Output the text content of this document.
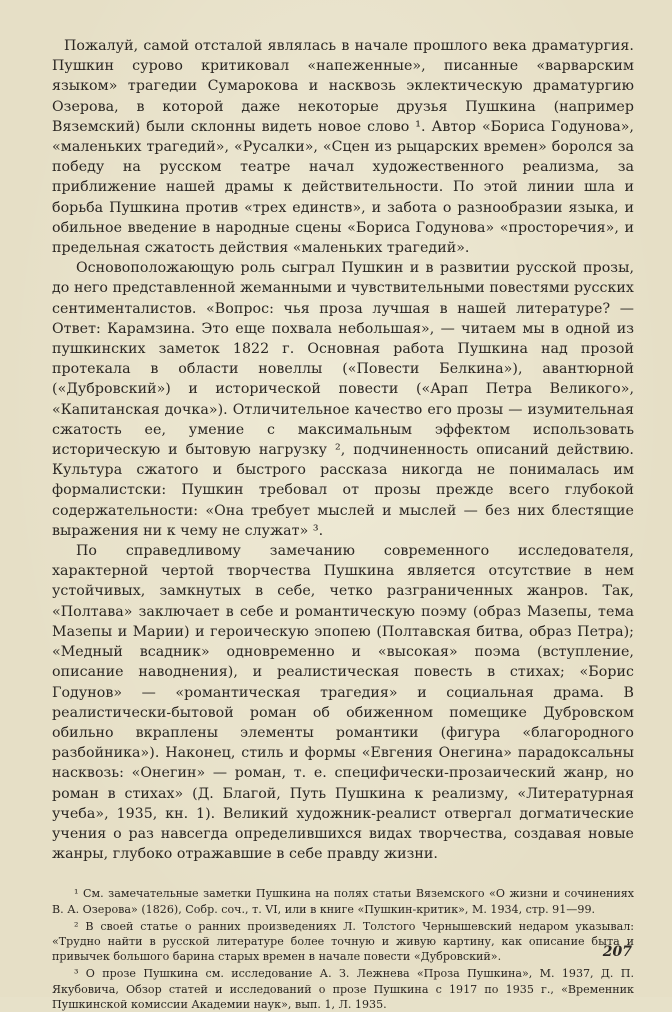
Пожалуй, самой отсталой являлась в начале прошлого века драматургия. Пушкин сурово критиковал «напеженные», писанные «варварским языком» трагедии Сумарокова и насквозь эклектическую драматургию Озерова, в которой даже некоторые друзья Пушкина (например Вяземский) были склонны видеть новое слово ¹. Автор «Бориса Годунова», «маленьких трагедий», «Русалки», «Сцен из рыцарских времен» боролся за победу на русском театре начал художественного реализма, за приближение нашей драмы к действительности. По этой линии шла и борьба Пушкина против «трех единств», и забота о разнообразии языка, и обильное введение в народные сцены «Бориса Годунова» «просторечия», и предельная сжатость действия «маленьких трагедий».

Основоположающую роль сыграл Пушкин и в развитии русской прозы, до него представленной жеманными и чувствительными повестями русских сентименталистов. «Вопрос: чья проза лучшая в нашей литературе? — Ответ: Карамзина. Это еще похвала небольшая», — читаем мы в одной из пушкинских заметок 1822 г. Основная работа Пушкина над прозой протекала в области новеллы («Повести Белкина»), авантюрной («Дубровский») и исторической повести («Арап Петра Великого», «Капитанская дочка»). Отличительное качество его прозы — изумительная сжатость ее, умение с максимальным эффектом использовать историческую и бытовую нагрузку ², подчиненность описаний действию. Культура сжатого и быстрого рассказа никогда не понималась им формалистски: Пушкин требовал от прозы прежде всего глубокой содержательности: «Она требует мыслей и мыслей — без них блестящие выражения ни к чему не служат» ³.

По справедливому замечанию современного исследователя, характерной чертой творчества Пушкина является отсутствие в нем устойчивых, замкнутых в себе, четко разграниченных жанров. Так, «Полтава» заключает в себе и романтическую поэму (образ Мазепы, тема Мазепы и Марии) и героическую эпопею (Полтавская битва, образ Петра); «Медный всадник» одновременно и «высокая» поэма (вступление, описание наводнения), и реалистическая повесть в стихах; «Борис Годунов» — «романтическая трагедия» и социальная драма. В реалистически-бытовой роман об обиженном помещике Дубровском обильно вкраплены элементы романтики (фигура «благородного разбойника»). Наконец, стиль и формы «Евгения Онегина» парадоксальны насквозь: «Онегин» — роман, т. е. специфически-прозаический жанр, но роман в стихах» (Д. Благой, Путь Пушкина к реализму, «Литературная учеба», 1935, кн. 1). Великий художник-реалист отвергал догматические учения о раз навсегда определившихся видах творчества, создавая новые жанры, глубоко отражавшие в себе правду жизни.

¹ См. замечательные заметки Пушкина на полях статьи Вяземского «О жизни и сочинениях В. А. Озерова» (1826), Собр. соч., т. VI, или в книге «Пушкин-критик», М. 1934, стр. 91—99.

² В своей статье о ранних произведениях Л. Толстого Чернышевский недаром указывал: «Трудно найти в русской литературе более точную и живую картину, как описание быта и привычек большого барина старых времен в начале повести «Дубровский».

³ О прозе Пушкина см. исследование А. З. Лежнева «Проза Пушкина», М. 1937, Д. П. Якубовича, Обзор статей и исследований о прозе Пушкина с 1917 по 1935 г., «Временник Пушкинской комиссии Академии наук», вып. 1, Л. 1935.

207
